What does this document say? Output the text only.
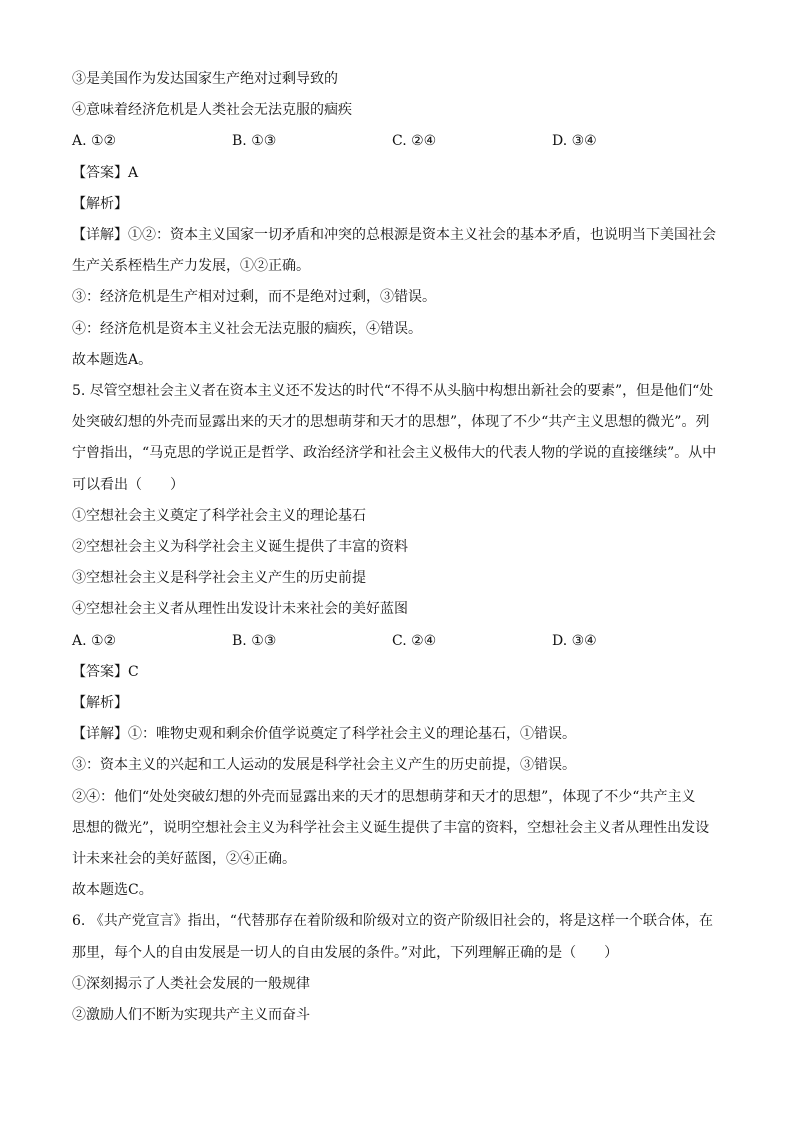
③是美国作为发达国家生产绝对过剩导致的
④意味着经济危机是人类社会无法克服的痼疾
A. ①②	B. ①③	C. ②④	D. ③④
【答案】A
【解析】
【详解】①②：资本主义国家一切矛盾和冲突的总根源是资本主义社会的基本矛盾，也说明当下美国社会
生产关系桎梏生产力发展，①②正确。
③：经济危机是生产相对过剩，而不是绝对过剩，③错误。
④：经济危机是资本主义社会无法克服的痼疾，④错误。
故本题选A。
5. 尽管空想社会主义者在资本主义还不发达的时代“不得不从头脑中构想出新社会的要素”，但是他们“处
处突破幻想的外壳而显露出来的天才的思想萌芽和天才的思想”，体现了不少“共产主义思想的微光”。列
宁曾指出，“马克思的学说正是哲学、政治经济学和社会主义极伟大的代表人物的学说的直接继续”。从中
可以看出（　　）
①空想社会主义奠定了科学社会主义的理论基石
②空想社会主义为科学社会主义诞生提供了丰富的资料
③空想社会主义是科学社会主义产生的历史前提
④空想社会主义者从理性出发设计未来社会的美好蓝图
A. ①②	B. ①③	C. ②④	D. ③④
【答案】C
【解析】
【详解】①：唯物史观和剩余价值学说奠定了科学社会主义的理论基石，①错误。
③：资本主义的兴起和工人运动的发展是科学社会主义产生的历史前提，③错误。
②④：他们“处处突破幻想的外壳而显露出来的天才的思想萌芽和天才的思想”，体现了不少“共产主义
思想的微光”，说明空想社会主义为科学社会主义诞生提供了丰富的资料，空想社会主义者从理性出发设
计未来社会的美好蓝图，②④正确。
故本题选C。
6. 《共产党宣言》指出，“代替那存在着阶级和阶级对立的资产阶级旧社会的，将是这样一个联合体，在
那里，每个人的自由发展是一切人的自由发展的条件。”对此，下列理解正确的是（　　）
①深刻揭示了人类社会发展的一般规律
②激励人们不断为实现共产主义而奋斗
